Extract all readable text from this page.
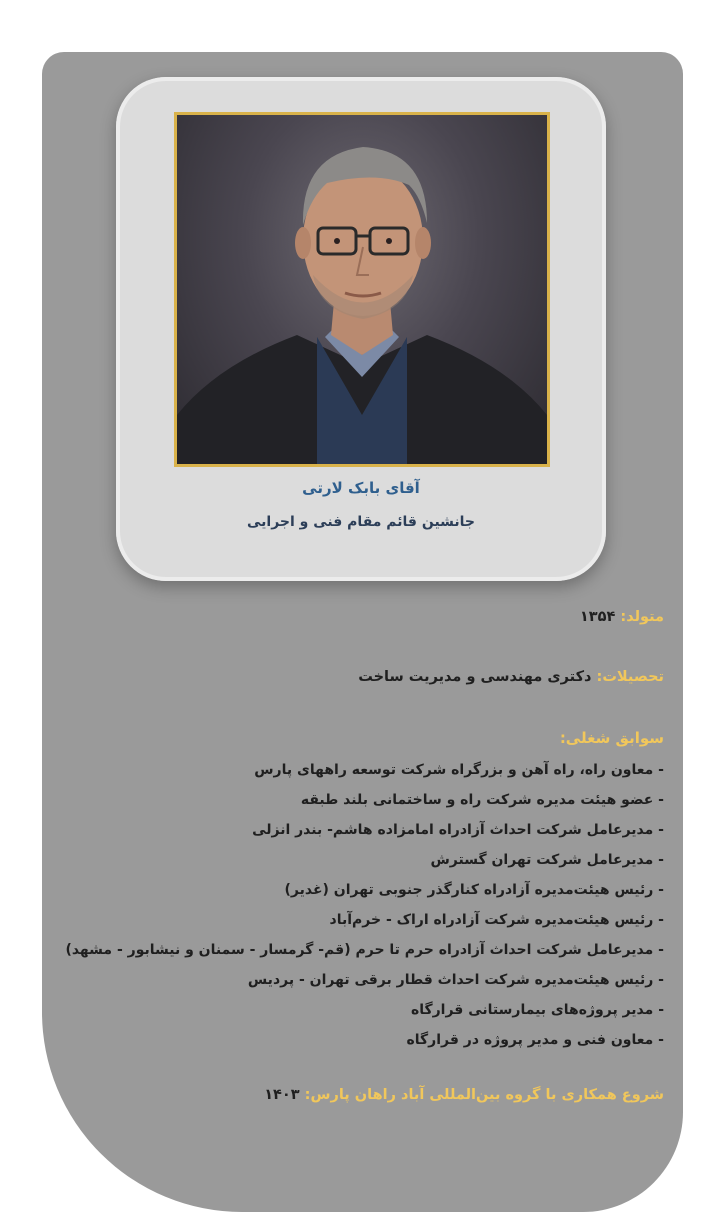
آقای بابک لارتی
جانشین قائم مقام فنی و اجرایی
متولد: ۱۳۵۴
تحصیلات: دکتری مهندسی و مدیریت ساخت
سوابق شغلی:
- معاون راه، راه آهن و بزرگراه شرکت توسعه راههای پارس
- عضو هیئت مدیره شرکت راه و ساختمانی بلند طبقه
- مدیرعامل شرکت احداث آزادراه امامزاده هاشم- بندر انزلی
- مدیرعامل شرکت تهران گسترش
- رئیس هیئت‌مدیره آزادراه کنارگذر جنوبی تهران (غدیر)
- رئیس هیئت‌مدیره شرکت آزادراه اراک - خرم‌آباد
- مدیرعامل شرکت احداث آزادراه حرم تا حرم (قم- گرمسار - سمنان و نیشابور - مشهد)
- رئیس هیئت‌مدیره شرکت احداث قطار برقی تهران - پردیس
- مدیر پروژه‌های بیمارستانی قرارگاه
- معاون فنی و مدیر پروژه در قرارگاه
شروع همکاری با گروه بین‌المللی آباد راهان پارس: ۱۴۰۳
